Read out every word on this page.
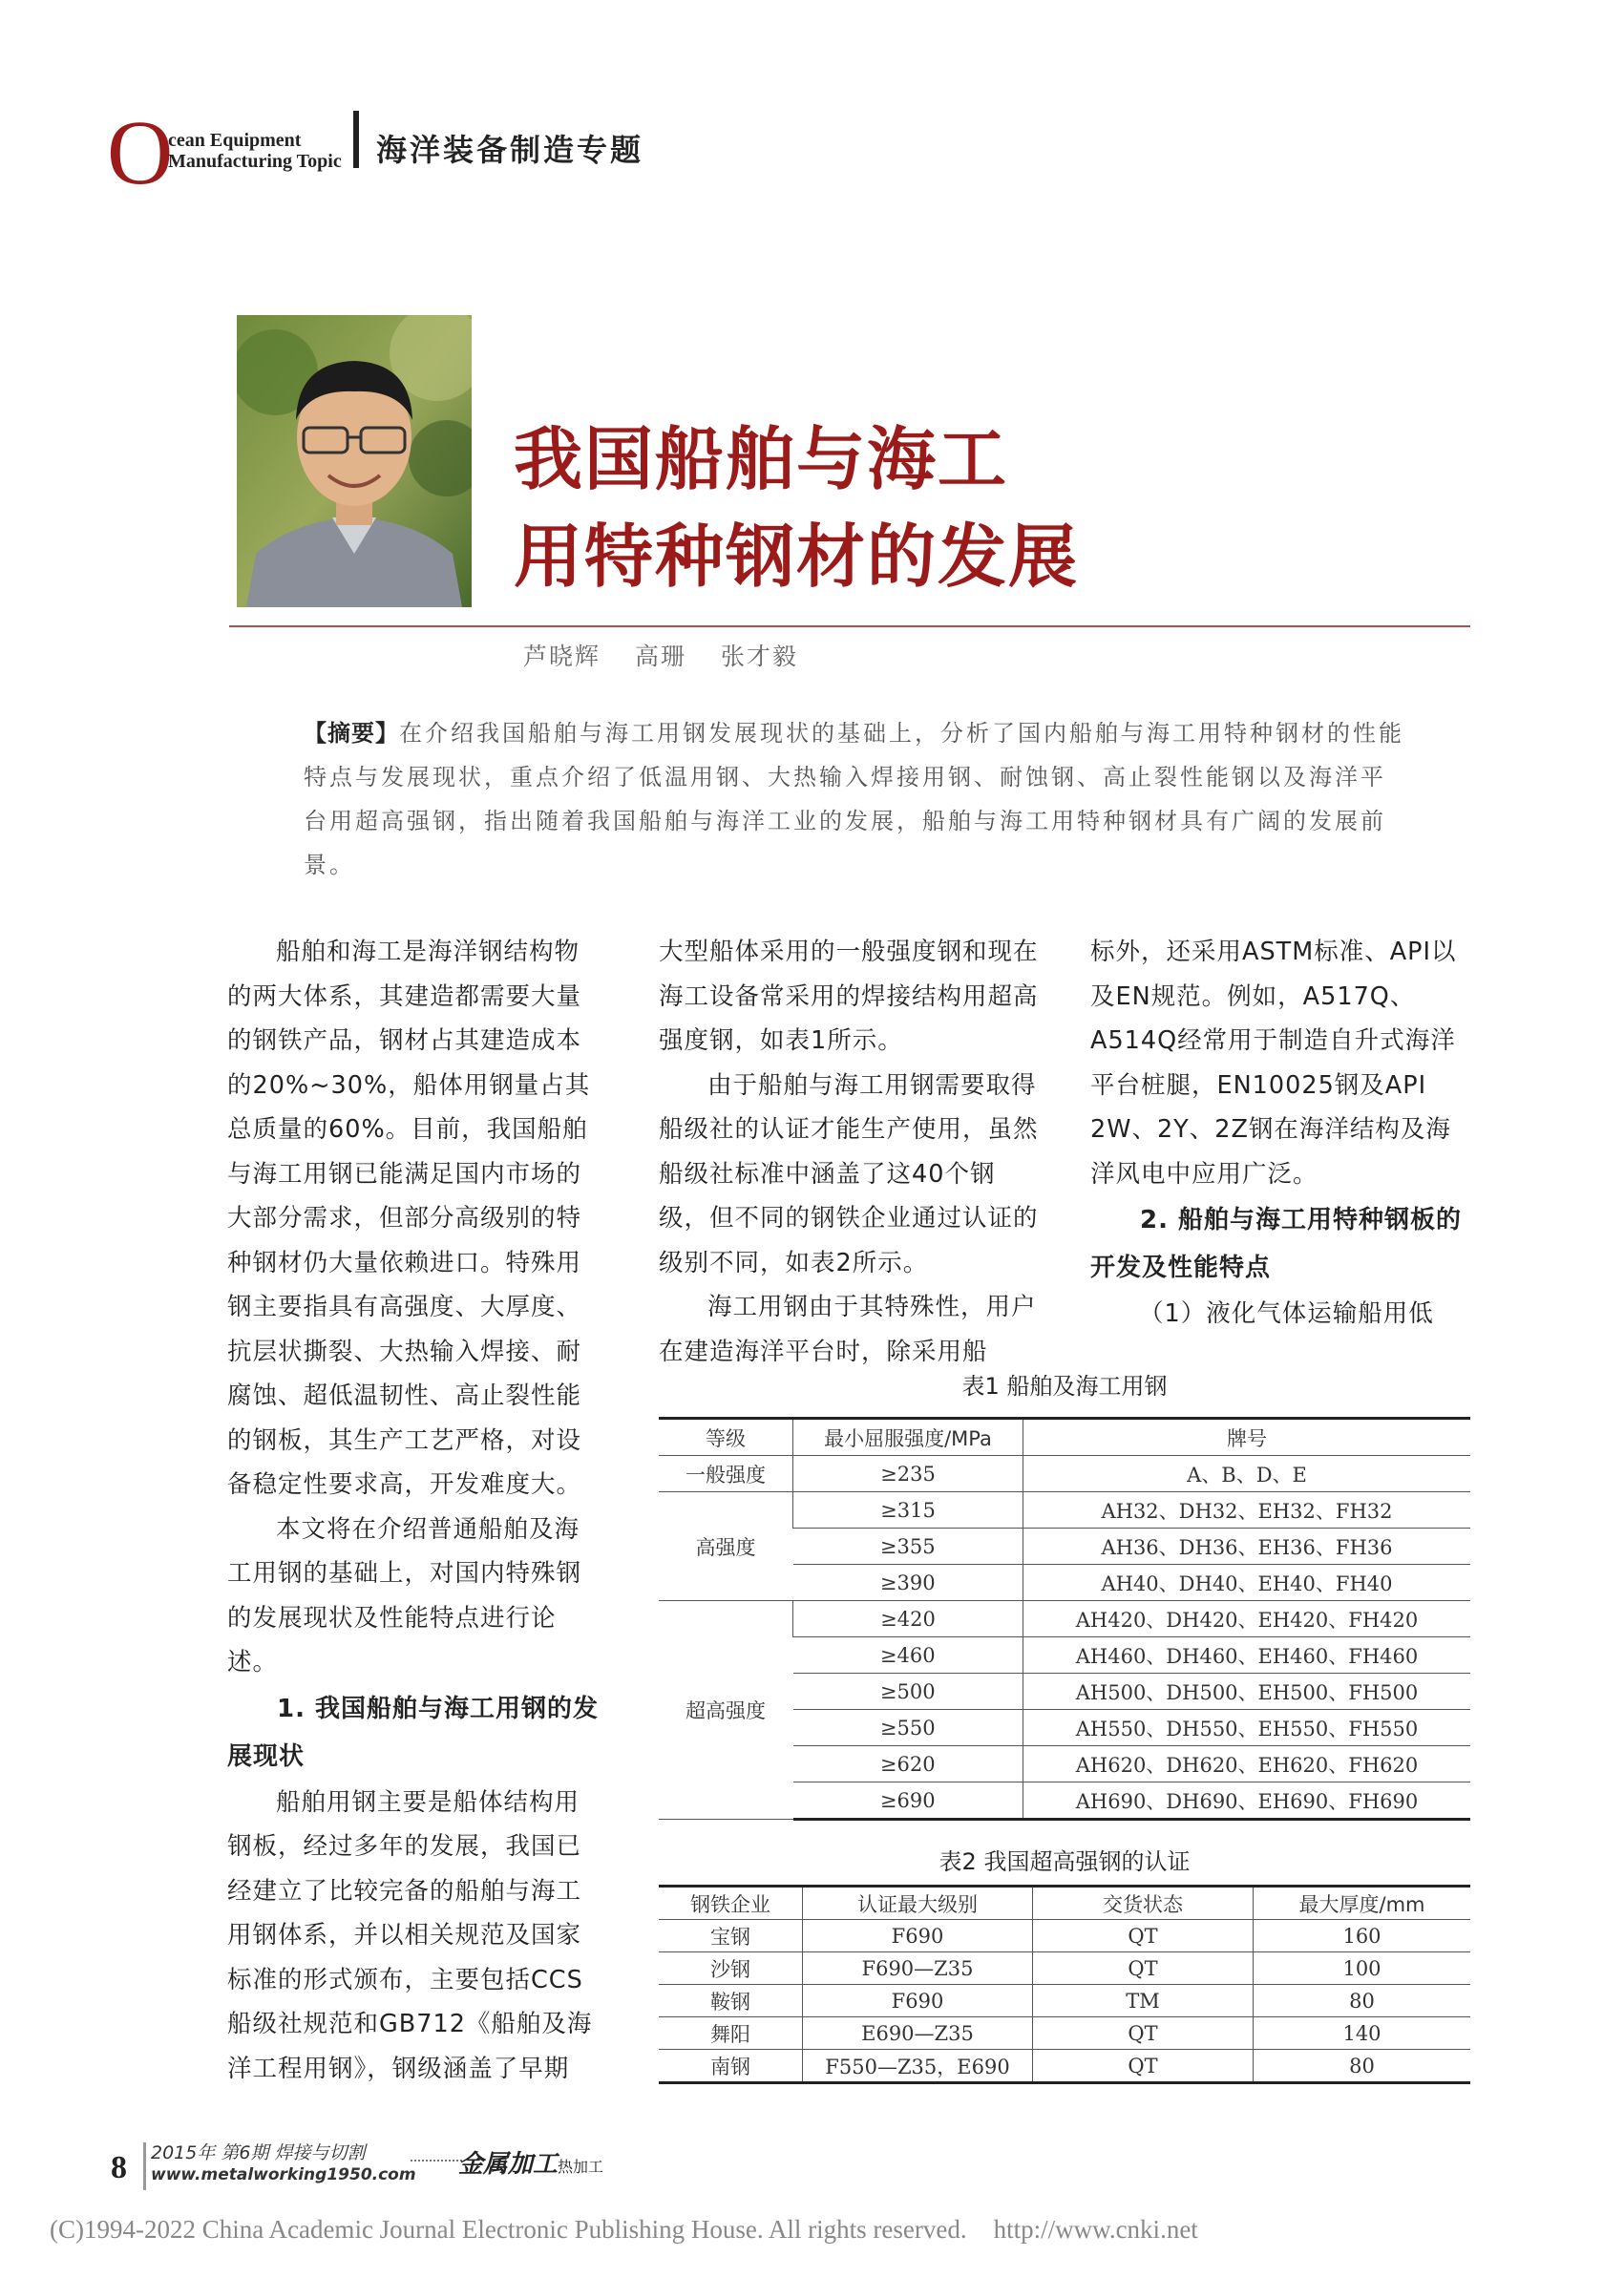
O
cean Equipment
Manufacturing Topic 海洋装备制造专题
我国船舶与海工
用特种钢材的发展
芦晓辉 高珊 张才毅
【摘要】在介绍我国船舶与海工用钢发展现状的基础上，分析了国内船舶与海工用特种钢材的性能特点与发展现状，重点介绍了低温用钢、大热输入焊接用钢、耐蚀钢、高止裂性能钢以及海洋平台用超高强钢，指出随着我国船舶与海洋工业的发展，船舶与海工用特种钢材具有广阔的发展前景。

船舶和海工是海洋钢结构物的两大体系，其建造都需要大量的钢铁产品，钢材占其建造成本的20%~30%，船体用钢量占其总质量的60%。目前，我国船舶与海工用钢已能满足国内市场的大部分需求，但部分高级别的特种钢材仍大量依赖进口。特殊用钢主要指具有高强度、大厚度、抗层状撕裂、大热输入焊接、耐腐蚀、超低温韧性、高止裂性能的钢板，其生产工艺严格，对设备稳定性要求高，开发难度大。

本文将在介绍普通船舶及海工用钢的基础上，对国内特殊钢的发展现状及性能特点进行论述。

1. 我国船舶与海工用钢的发展现状

船舶用钢主要是船体结构用钢板，经过多年的发展，我国已经建立了比较完备的船舶与海工用钢体系，并以相关规范及国家标准的形式颁布，主要包括CCS船级社规范和GB712《船舶及海洋工程用钢》，钢级涵盖了早期

大型船体采用的一般强度钢和现在海工设备常采用的焊接结构用超高强度钢，如表1所示。

由于船舶与海工用钢需要取得船级社的认证才能生产使用，虽然船级社标准中涵盖了这40个钢级，但不同的钢铁企业通过认证的级别不同，如表2所示。

海工用钢由于其特殊性，用户在建造海洋平台时，除采用船

标外，还采用ASTM标准、API以及EN规范。例如，A517Q、A514Q经常用于制造自升式海洋平台桩腿，EN10025钢及API 2W、2Y、2Z钢在海洋结构及海洋风电中应用广泛。

2. 船舶与海工用特种钢板的开发及性能特点

（1）液化气体运输船用低

表1 船舶及海工用钢
等级	最小屈服强度/MPa	牌号
一般强度	≥235	A、B、D、E
高强度	≥315	AH32、DH32、EH32、FH32
	≥355	AH36、DH36、EH36、FH36
	≥390	AH40、DH40、EH40、FH40
超高强度	≥420	AH420、DH420、EH420、FH420
	≥460	AH460、DH460、EH460、FH460
	≥500	AH500、DH500、EH500、FH500
	≥550	AH550、DH550、EH550、FH550
	≥620	AH620、DH620、EH620、FH620
	≥690	AH690、DH690、EH690、FH690
表2 我国超高强钢的认证
钢铁企业	认证最大级别	交货状态	最大厚度/mm
宝钢	F690	QT	160
沙钢	F690—Z35	QT	100
鞍钢	F690	TM	80
舞阳	E690—Z35	QT	140
南钢	F550—Z35，E690	QT	80
8 2015年 第6期 焊接与切割
www.metalworking1950.com 金属加工热加工
(C)1994-2022 China Academic Journal Electronic Publishing House. All rights reserved. http://www.cnki.net
